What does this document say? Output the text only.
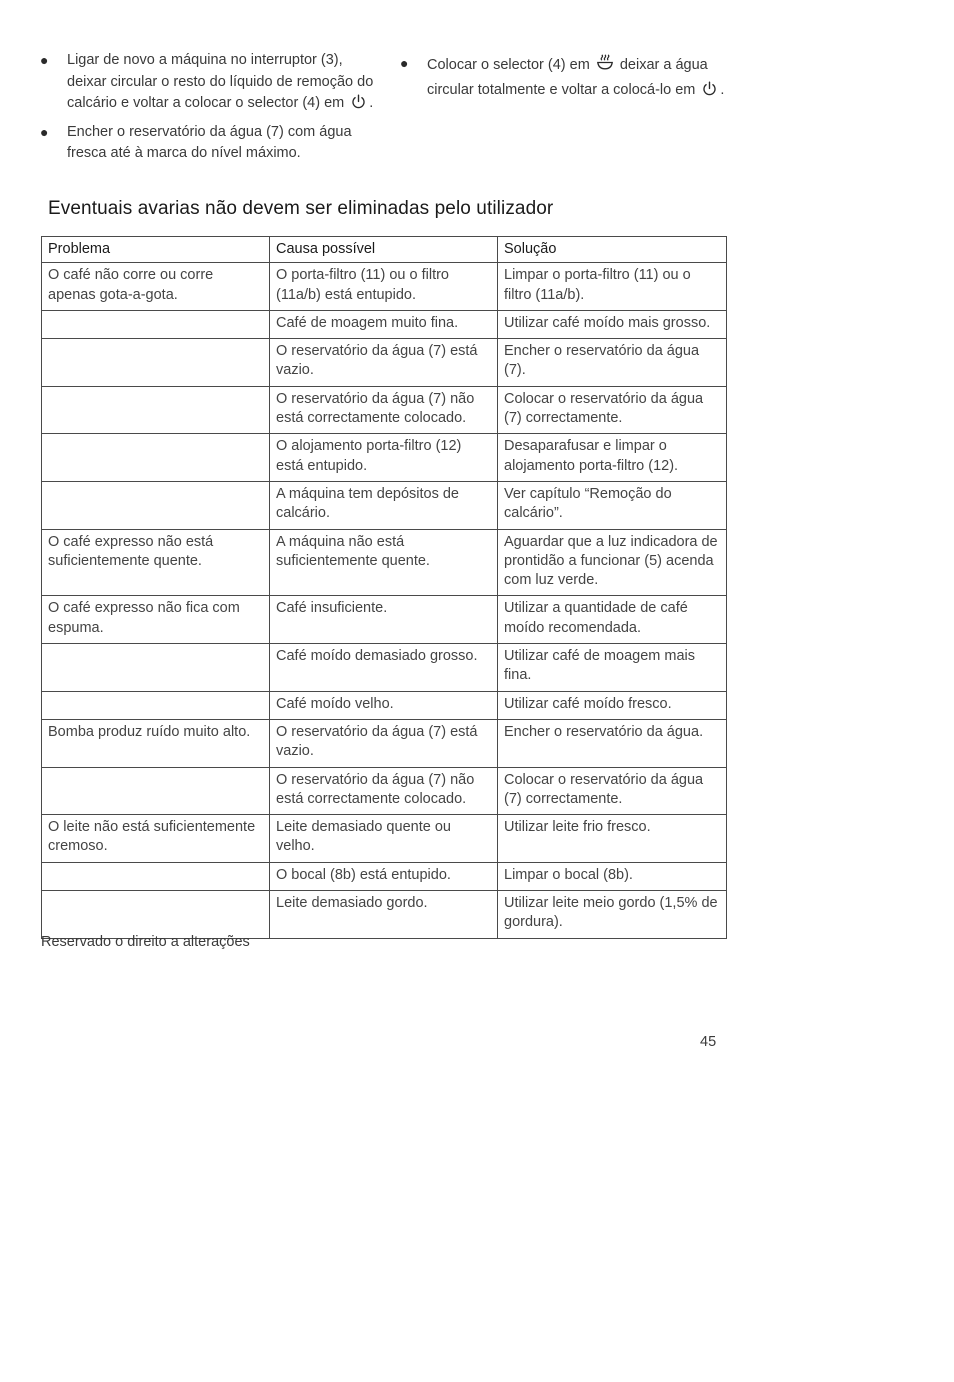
● Ligar de novo a máquina no interruptor (3), deixar circular o resto do líquido de remoção do calcário e voltar a colocar o selector (4) em .
● Encher o reservatório da água (7) com água fresca até à marca do nível máximo.
● Colocar o selector (4) em deixar a água circular totalmente e voltar a colocá-lo em .
Eventuais avarias não devem ser eliminadas pelo utilizador
Problema	Causa possível	Solução
O café não corre ou corre apenas gota-a-gota.	O porta-filtro (11) ou o filtro (11a/b) está entupido.	Limpar o porta-filtro (11) ou o filtro (11a/b).
	Café de moagem muito fina.	Utilizar café moído mais grosso.
	O reservatório da água (7) está vazio.	Encher o reservatório da água (7).
	O reservatório da água (7) não está correctamente colocado.	Colocar o reservatório da água (7) correctamente.
	O alojamento porta-filtro (12) está entupido.	Desaparafusar e limpar o alojamento porta-filtro (12).
	A máquina tem depósitos de calcário.	Ver capítulo “Remoção do calcário”.
O café expresso não está suficientemente quente.	A máquina não está suficientemente quente.	Aguardar que a luz indicadora de prontidão a funcionar (5) acenda com luz verde.
O café expresso não fica com espuma.	Café insuficiente.	Utilizar a quantidade de café moído recomendada.
	Café moído demasiado grosso.	Utilizar café de moagem mais fina.
	Café moído velho.	Utilizar café moído fresco.
Bomba produz ruído muito alto.	O reservatório da água (7) está vazio.	Encher o reservatório da água.
	O reservatório da água (7) não está correctamente colocado.	Colocar o reservatório da água (7) correctamente.
O leite não está suficientemente cremoso.	Leite demasiado quente ou velho.	Utilizar leite frio fresco.
	O bocal (8b) está entupido.	Limpar o bocal (8b).
	Leite demasiado gordo.	Utilizar leite meio gordo (1,5% de gordura).
Reservado o direito a alterações
45
